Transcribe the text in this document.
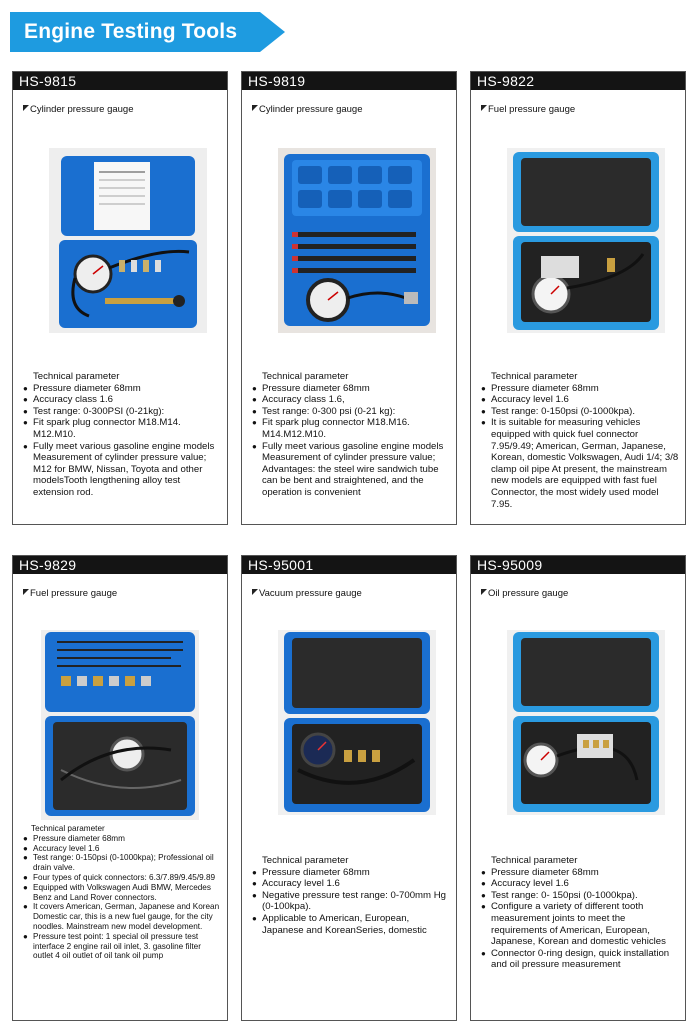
Engine Testing Tools
HS-9815
Cylinder pressure gauge
Technical parameter
● Pressure diameter 68mm
● Accuracy class 1.6
● Test range: 0-300PSI (0-21kg):
● Fit spark plug connector M18.M14. M12.M10.
● Fully meet various gasoline engine models Measurement of cylinder pressure value; M12 for BMW, Nissan, Toyota and other modelsTooth lengthening alloy test extension rod.
HS-9819
Cylinder pressure gauge
Technical parameter
● Pressure diameter 68mm
● Accuracy class 1.6,
● Test range: 0-300 psi (0-21 kg):
● Fit spark plug connector M18.M16. M14.M12.M10.
● Fully meet various gasoline engine models Measurement of cylinder pressure value; Advantages: the steel wire sandwich tube can be bent and straightened, and the operation is convenient
HS-9822
Fuel pressure gauge
Technical parameter
● Pressure diameter 68mm
● Accuracy level 1.6
● Test range: 0-150psi (0-1000kpa).
● It is suitable for measuring vehicles equipped with quick fuel connector 7.95/9.49; American, German, Japanese, Korean, domestic Volkswagen, Audi 1/4; 3/8 clamp oil pipe At present, the mainstream new models are equipped with fast fuel Connector, the most widely used model 7.95.
HS-9829
Fuel pressure gauge
Technical parameter
● Pressure diameter 68mm
● Accuracy level 1.6
● Test range: 0-150psi (0-1000kpa); Professional oil drain valve.
● Four types of quick connectors: 6.3/7.89/9.45/9.89
● Equipped with Volkswagen Audi BMW, Mercedes Benz and Land Rover connectors.
● It covers American, German, Japanese and Korean Domestic car, this is a new fuel gauge, for the city noodles. Mainstream new model development.
● Pressure test point: 1 special oil pressure test interface 2 engine rail oil inlet, 3. gasoline filter outlet 4 oil outlet of oil tank oil pump
HS-95001
Vacuum pressure gauge
Technical parameter
● Pressure diameter 68mm
● Accuracy level 1.6
● Negative pressure test range: 0-700mm Hg (0-100kpa).
● Applicable to American, European, Japanese and KoreanSeries, domestic
HS-95009
Oil pressure gauge
Technical parameter
● Pressure diameter 68mm
● Accuracy level 1.6
● Test range: 0- 150psi (0-1000kpa).
● Configure a variety of different tooth measurement joints to meet the requirements of American, European, Japanese, Korean and domestic vehicles
● Connector 0-ring design, quick installation and oil pressure measurement
